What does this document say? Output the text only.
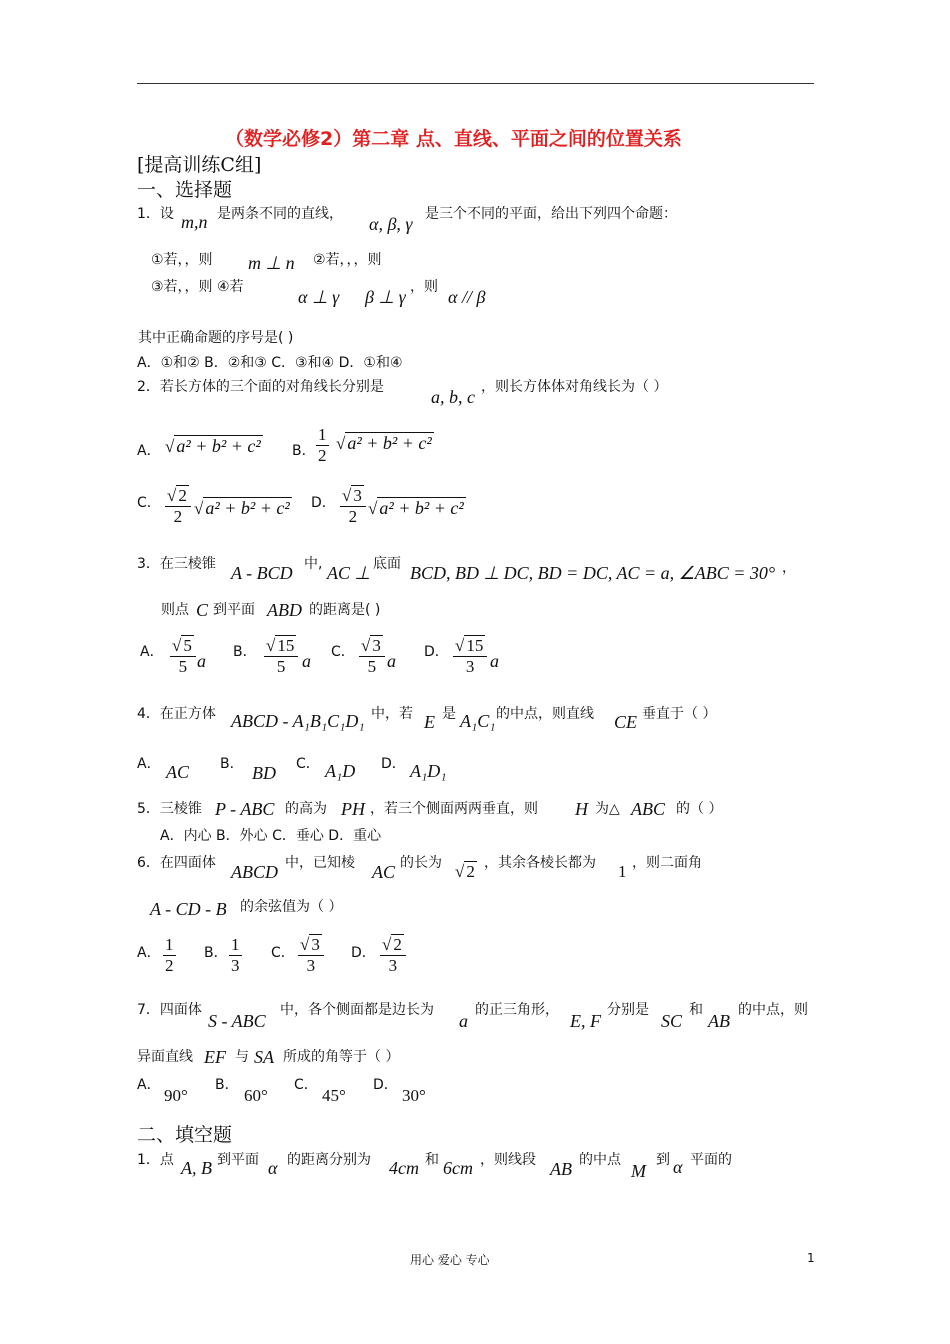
（数学必修2）第二章 点、直线、平面之间的位置关系
[提高训练C组]
一、选择题
1．设 m,n 是两条不同的直线， α, β, γ 是三个不同的平面，给出下列四个命题：
①若，，则 m ⊥ n ②若，，，则
③若，，则 ④若	α ⊥ γ β ⊥ γ ，则 α // β
其中正确命题的序号是( )
A．①和② B．②和③ C．③和④ D．①和④
2．若长方体的三个面的对角线长分别是	a, b, c ，则长方体体对角线长为（ ）
A． √ a² + b² + c² B． $\frac{1}{2}$ √ a² + b² + c²
C． $\frac{√ 2}{2}$ √ a² + b² + c² D． $\frac{√ 3}{2}$ √ a² + b² + c²
3．在三棱锥 A - BCD 中, AC ⊥ 底面 BCD, BD ⊥ DC, BD = DC, AC = a, ∠ABC = 30° ，
则点 C 到平面 ABD 的距离是( )
A． $\frac{√ 5}{5}$ a B． $\frac{√ 15}{5}$ a C． $\frac{√ 3}{5}$ a D． $\frac{√ 15}{3}$ a
4．在正方体 ABCD - A₁B₁C₁D₁ 中，若 E 是 A₁C₁ 的中点，则直线 CE 垂直于（ ）
A． AC B． BD C． A₁D D． A₁D₁
5．三棱锥 P - ABC 的高为 PH ，若三个侧面两两垂直，则 H 为△ ABC 的（ ）
A．内心 B．外心 C．垂心 D．重心
6．在四面体 ABCD 中，已知棱 AC 的长为 √ 2 ，其余各棱长都为 1 ，则二面角
A - CD - B 的余弦值为（ ）
A． $\frac{1}{2}$ B． $\frac{1}{3}$ C． $\frac{√ 3}{3}$ D． $\frac{√ 2}{3}$
7．四面体
S - ABC
中，各个侧面都是边长为
a
的正三角形，
E, F
分别是
SC
和
AB
的中点，则
异面直线 EF 与 SA 所成的角等于（ ）
A．
90°
B．
60°
C．
45°
D．
30°
二、填空题
1．点 A, B 到平面 α 的距离分别为 4cm 和 6cm ，则线段 AB 的中点
M
到 α 平面的
用心 爱心 专心	1
